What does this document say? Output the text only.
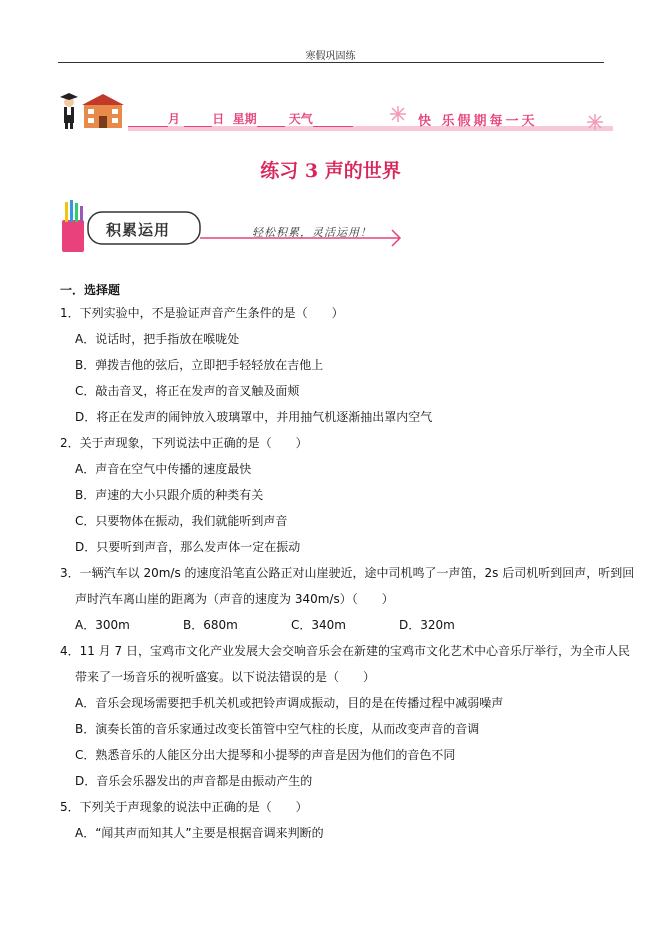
寒假巩固练
月	日 星期	天气	快 乐假期每一天
练习 3 声的世界
积累运用	轻松积累，灵活运用！
一．选择题
1．下列实验中，不是验证声音产生条件的是（　　）
A．说话时，把手指放在喉咙处
B．弹拨吉他的弦后，立即把手轻轻放在吉他上
C．敲击音叉，将正在发声的音叉触及面颊
D．将正在发声的闹钟放入玻璃罩中，并用抽气机逐渐抽出罩内空气
2．关于声现象，下列说法中正确的是（　　）
A．声音在空气中传播的速度最快
B．声速的大小只跟介质的种类有关
C．只要物体在振动，我们就能听到声音
D．只要听到声音，那么发声体一定在振动
3．一辆汽车以 20m/s 的速度沿笔直公路正对山崖驶近，途中司机鸣了一声笛，2s 后司机听到回声，听到回
声时汽车离山崖的距离为（声音的速度为 340m/s）（　　）
A．300m	B．680m	C．340m	D．320m
4．11 月 7 日，宝鸡市文化产业发展大会交响音乐会在新建的宝鸡市文化艺术中心音乐厅举行，为全市人民
带来了一场音乐的视听盛宴。以下说法错误的是（　　）
A．音乐会现场需要把手机关机或把铃声调成振动，目的是在传播过程中减弱噪声
B．演奏长笛的音乐家通过改变长笛管中空气柱的长度，从而改变声音的音调
C．熟悉音乐的人能区分出大提琴和小提琴的声音是因为他们的音色不同
D．音乐会乐器发出的声音都是由振动产生的
5．下列关于声现象的说法中正确的是（　　）
A．“闻其声而知其人”主要是根据音调来判断的
